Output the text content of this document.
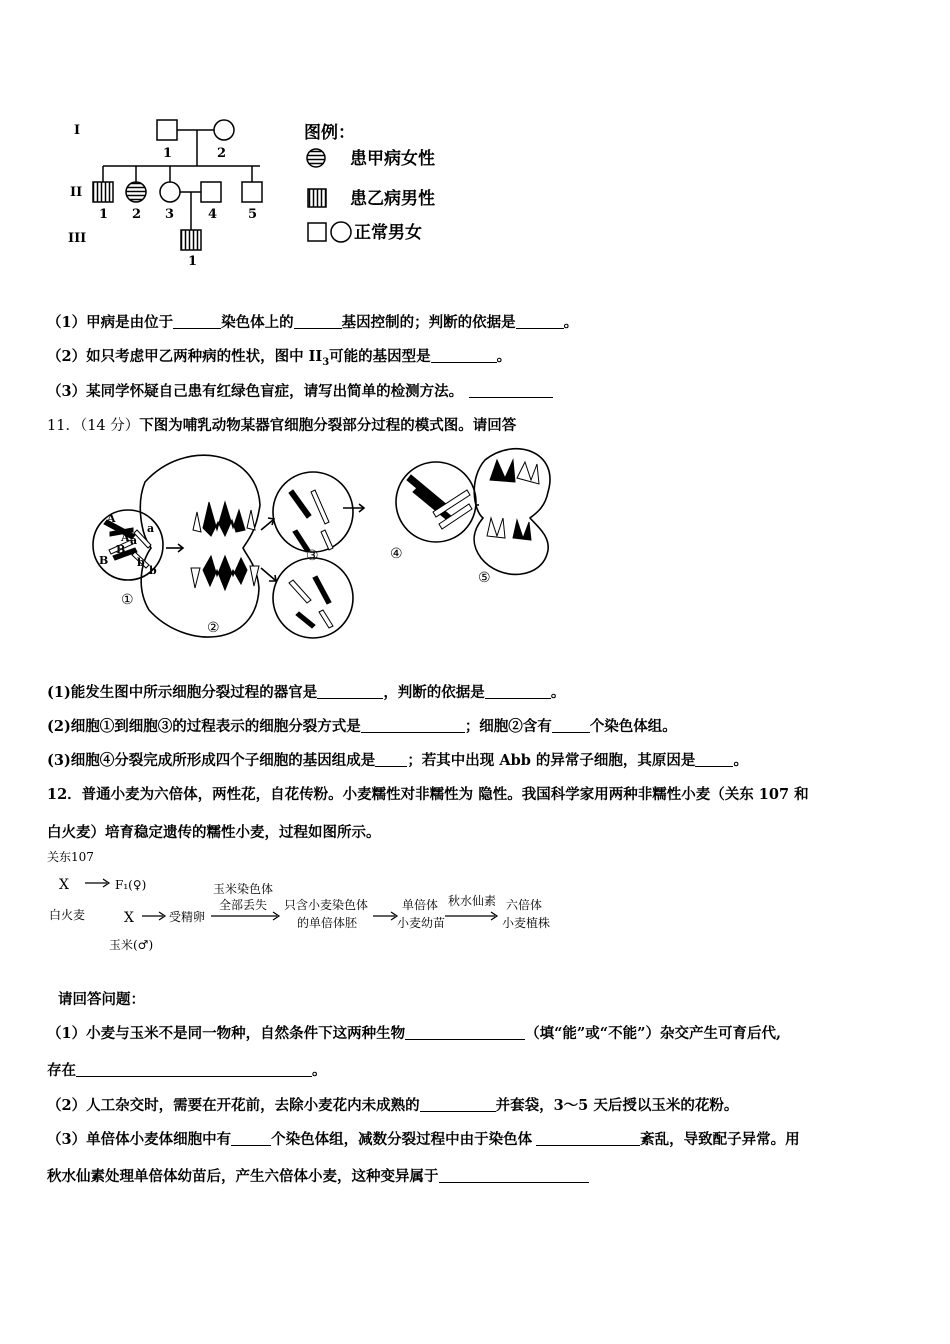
I
II
III
1	2
1 2 3	4 5
1
图例：
患甲病女性
患乙病男性
正常男女
（1）甲病是由位于	染色体上的	基因控制的；判断的依据是	。
（2）如只考虑甲乙两种病的性状，图中 $II_3$可能的基因型是	。
（3）某同学怀疑自己患有红绿色盲症，请写出简单的检测方法。
11．（14 分）下图为哺乳动物某器官细胞分裂部分过程的模式图。请回答
A
A a
a
B
B
b
b
①
②
③	④
⑤
(1)能发生图中所示细胞分裂过程的器官是	，判断的依据是	。
(2)细胞①到细胞③的过程表示的细胞分裂方式是	；细胞②含有	个染色体组。
(3)细胞④分裂完成所形成四个子细胞的基因组成是 ；若其中出现 Abb 的异常子细胞，其原因是	。
12．普通小麦为六倍体，两性花，自花传粉。小麦糯性对非糯性为 隐性。我国科学家用两种非糯性小麦（关东 107 和
白火麦）培育稳定遗传的糯性小麦，过程如图所示。
关东107
X	F₁(♀)
白火麦	X	受精卵
玉米(♂)
玉米染色体
全部丢失 只含小麦染色体
的单倍体胚
单倍体
小麦幼苗
秋水仙素 六倍体
小麦植株
请回答问题：
（1）小麦与玉米不是同一物种，自然条件下这两种生物	（填“能”或“不能”）杂交产生可育后代,
存在	。
（2）人工杂交时，需要在开花前，去除小麦花内未成熟的	并套袋，3～5 天后授以玉米的花粉。
（3）单倍体小麦体细胞中有	个染色体组，减数分裂过程中由于染色体	紊乱，导致配子异常。用
秋水仙素处理单倍体幼苗后，产生六倍体小麦，这种变异属于
